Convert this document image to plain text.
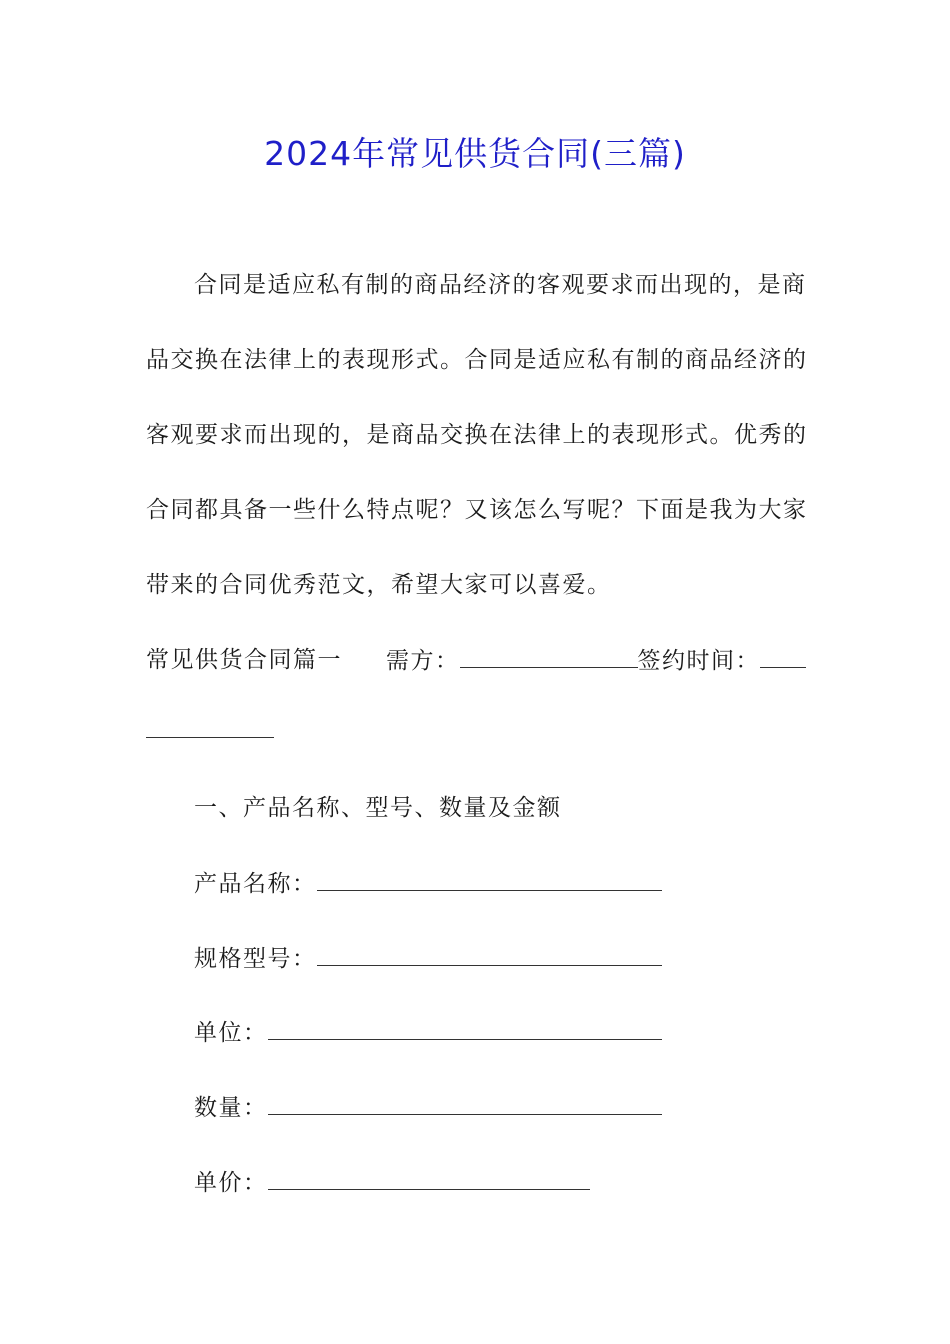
2024年常见供货合同(三篇)
合同是适应私有制的商品经济的客观要求而出现的，是商
品交换在法律上的表现形式。合同是适应私有制的商品经济的
客观要求而出现的，是商品交换在法律上的表现形式。优秀的
合同都具备一些什么特点呢？又该怎么写呢？下面是我为大家
带来的合同优秀范文，希望大家可以喜爱。
常见供货合同篇一 需方：	签约时间：
一、产品名称、型号、数量及金额
产品名称：
规格型号：
单位：
数量：
单价：
